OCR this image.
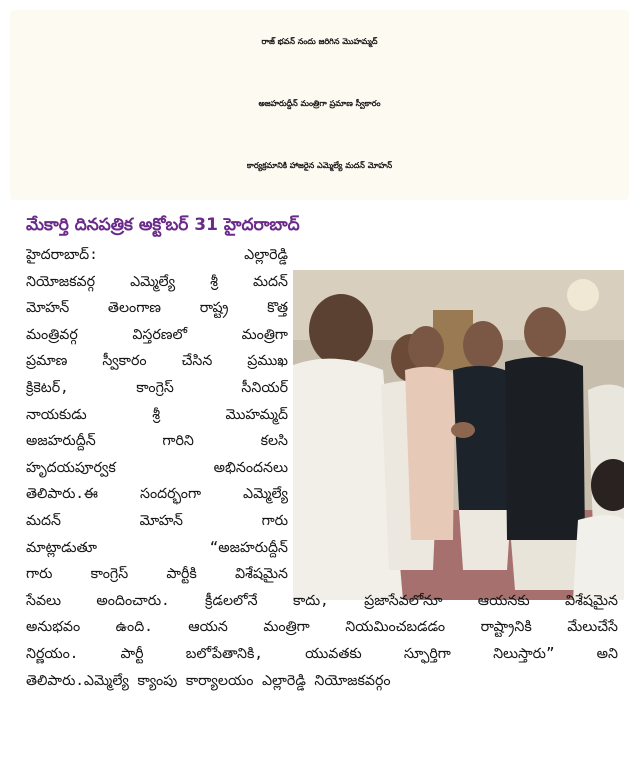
రాజ్ భవన్ నందు జరిగిన మొహమ్మద్
అజహరుద్దీన్ మంత్రిగా ప్రమాణ స్వీకారం
కార్యక్రమానికి హాజరైన ఎమ్మెల్యే మదన్ మోహన్
మేకార్తి దినపత్రిక అక్టోబర్ 31 హైదరాబాద్
హైదరాబాద్: ఎల్లారెడ్డి
నియోజకవర్గ ఎమ్మెల్యే శ్రీ మదన్
మోహన్ తెలంగాణ రాష్ట్ర కొత్త
మంత్రివర్గ విస్తరణలో మంత్రిగా
ప్రమాణ స్వీకారం చేసిన ప్రముఖ
క్రికెటర్, కాంగ్రెస్ సీనియర్
నాయకుడు శ్రీ మొహమ్మద్
అజహరుద్దీన్ గారిని కలసి
హృదయపూర్వక అభినందనలు
తెలిపారు.ఈ సందర్భంగా ఎమ్మెల్యే
మదన్ మోహన్ గారు
మాట్లాడుతూ “అజహరుద్దీన్
గారు కాంగ్రెస్ పార్టీకి విశేషమైన
సేవలు అందించారు. క్రీడలలోనే కాదు, ప్రజాసేవలోనూ ఆయనకు విశేషమైన
అనుభవం ఉంది. ఆయన మంత్రిగా నియమించబడడం రాష్ట్రానికి మేలుచేసే
నిర్ణయం. పార్టీ బలోపేతానికి, యువతకు స్ఫూర్తిగా నిలుస్తారు” అని
తెలిపారు.ఎమ్మెల్యే క్యాంపు కార్యాలయం ఎల్లారెడ్డి నియోజకవర్గం
